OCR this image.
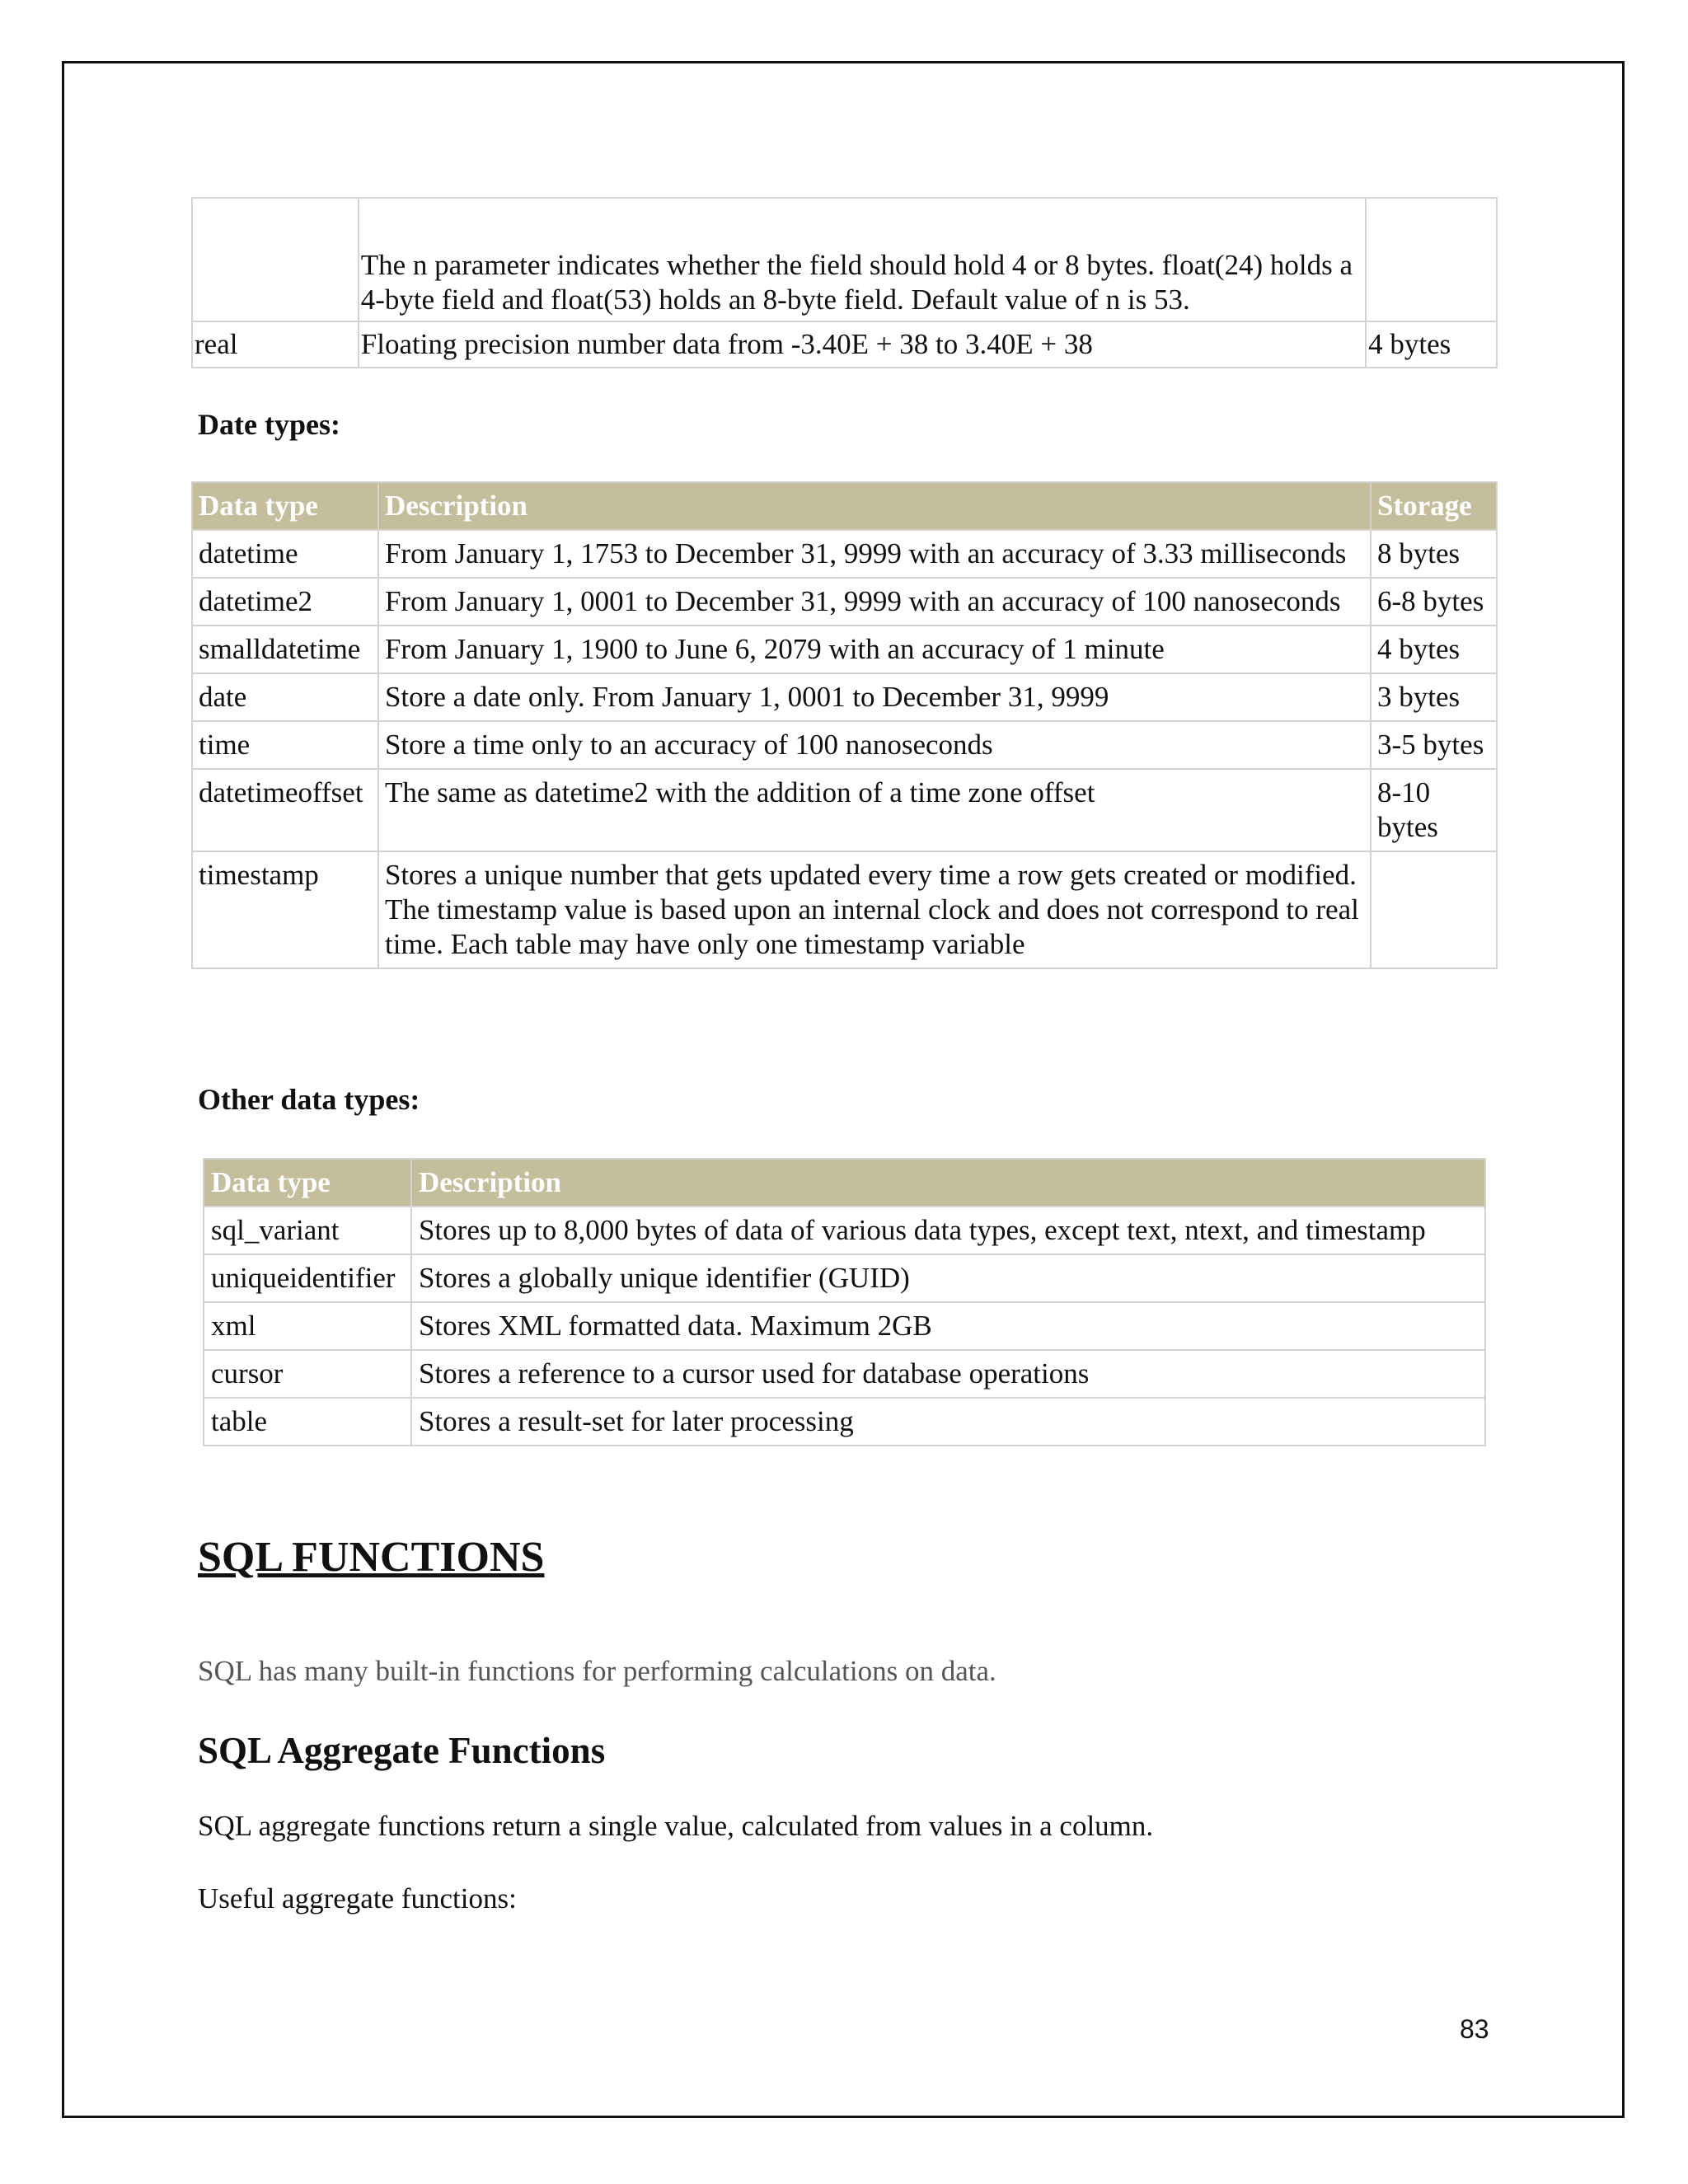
	The n parameter indicates whether the field should hold 4 or 8 bytes. float(24) holds a 4-byte field and float(53) holds an 8-byte field. Default value of n is 53.	
real	Floating precision number data from -3.40E + 38 to 3.40E + 38	4 bytes

Date types:

Data type	Description	Storage
datetime	From January 1, 1753 to December 31, 9999 with an accuracy of 3.33 milliseconds	8 bytes
datetime2	From January 1, 0001 to December 31, 9999 with an accuracy of 100 nanoseconds	6-8 bytes
smalldatetime	From January 1, 1900 to June 6, 2079 with an accuracy of 1 minute	4 bytes
date	Store a date only. From January 1, 0001 to December 31, 9999	3 bytes
time	Store a time only to an accuracy of 100 nanoseconds	3-5 bytes
datetimeoffset	The same as datetime2 with the addition of a time zone offset	8-10 bytes
timestamp	Stores a unique number that gets updated every time a row gets created or modified. The timestamp value is based upon an internal clock and does not correspond to real time. Each table may have only one timestamp variable	

Other data types:

Data type	Description
sql_variant	Stores up to 8,000 bytes of data of various data types, except text, ntext, and timestamp
uniqueidentifier	Stores a globally unique identifier (GUID)
xml	Stores XML formatted data. Maximum 2GB
cursor	Stores a reference to a cursor used for database operations
table	Stores a result-set for later processing
SQL FUNCTIONS

SQL has many built-in functions for performing calculations on data.

SQL Aggregate Functions

SQL aggregate functions return a single value, calculated from values in a column.

Useful aggregate functions:

83
